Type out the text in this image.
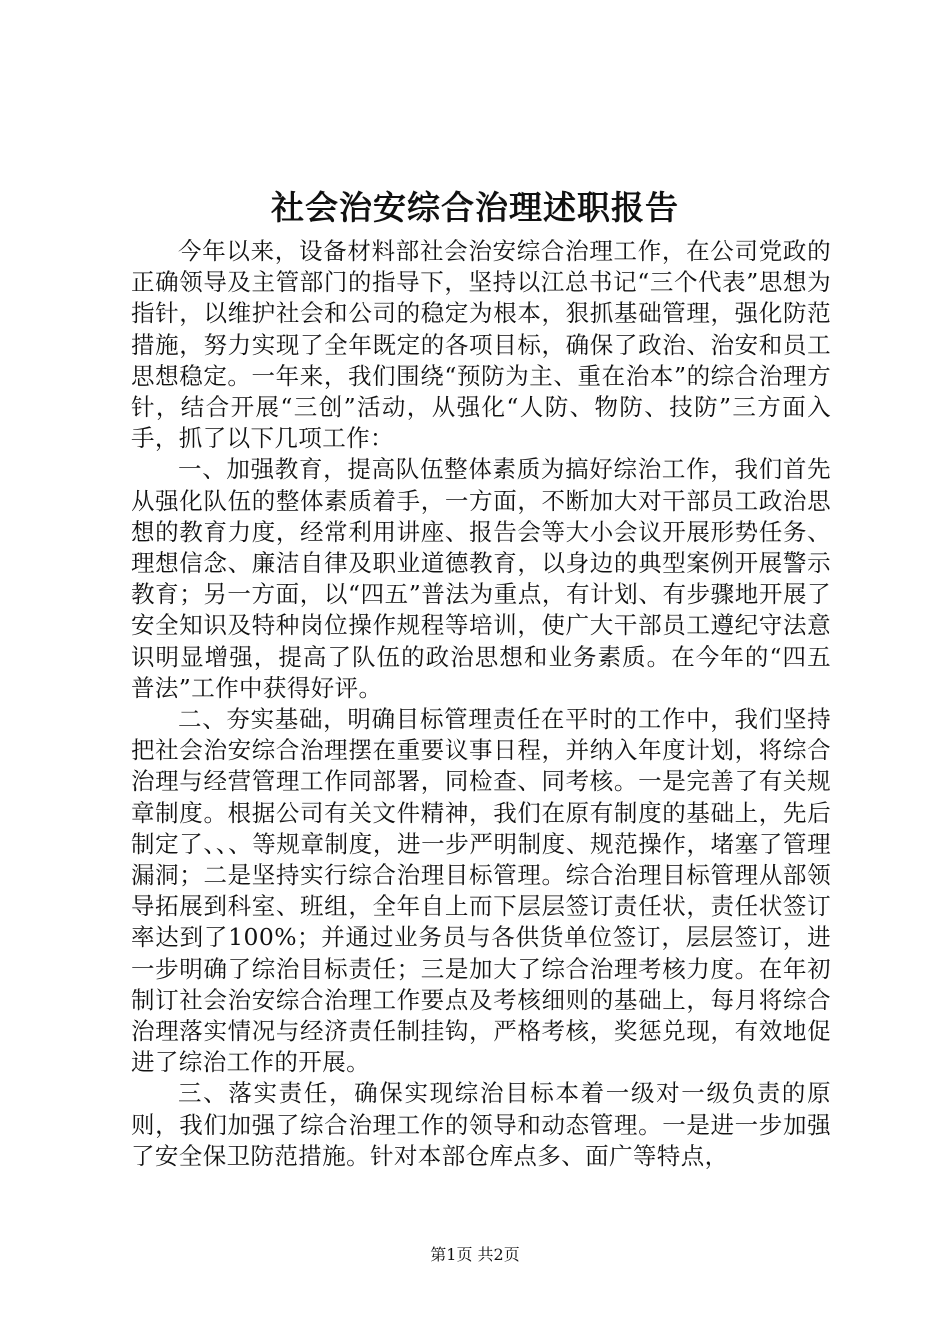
社会治安综合治理述职报告

今年以来，设备材料部社会治安综合治理工作，在公司党政的正确领导及主管部门的指导下，坚持以江总书记“三个代表”思想为指针，以维护社会和公司的稳定为根本，狠抓基础管理，强化防范措施，努力实现了全年既定的各项目标，确保了政治、治安和员工思想稳定。一年来，我们围绕“预防为主、重在治本”的综合治理方针，结合开展“三创”活动，从强化“人防、物防、技防”三方面入手，抓了以下几项工作：

一、加强教育，提高队伍整体素质为搞好综治工作，我们首先从强化队伍的整体素质着手，一方面，不断加大对干部员工政治思想的教育力度，经常利用讲座、报告会等大小会议开展形势任务、理想信念、廉洁自律及职业道德教育，以身边的典型案例开展警示教育；另一方面，以“四五”普法为重点，有计划、有步骤地开展了安全知识及特种岗位操作规程等培训，使广大干部员工遵纪守法意识明显增强，提高了队伍的政治思想和业务素质。在今年的“四五普法”工作中获得好评。

二、夯实基础，明确目标管理责任在平时的工作中，我们坚持把社会治安综合治理摆在重要议事日程，并纳入年度计划，将综合治理与经营管理工作同部署，同检查、同考核。一是完善了有关规章制度。根据公司有关文件精神，我们在原有制度的基础上，先后制定了、、、等规章制度，进一步严明制度、规范操作，堵塞了管理漏洞；二是坚持实行综合治理目标管理。综合治理目标管理从部领导拓展到科室、班组，全年自上而下层层签订责任状，责任状签订率达到了100%；并通过业务员与各供货单位签订，层层签订，进一步明确了综治目标责任；三是加大了综合治理考核力度。在年初制订社会治安综合治理工作要点及考核细则的基础上，每月将综合治理落实情况与经济责任制挂钩，严格考核，奖惩兑现，有效地促进了综治工作的开展。

三、落实责任，确保实现综治目标本着一级对一级负责的原则，我们加强了综合治理工作的领导和动态管理。一是进一步加强了安全保卫防范措施。针对本部仓库点多、面广等特点，

第1页 共2页
